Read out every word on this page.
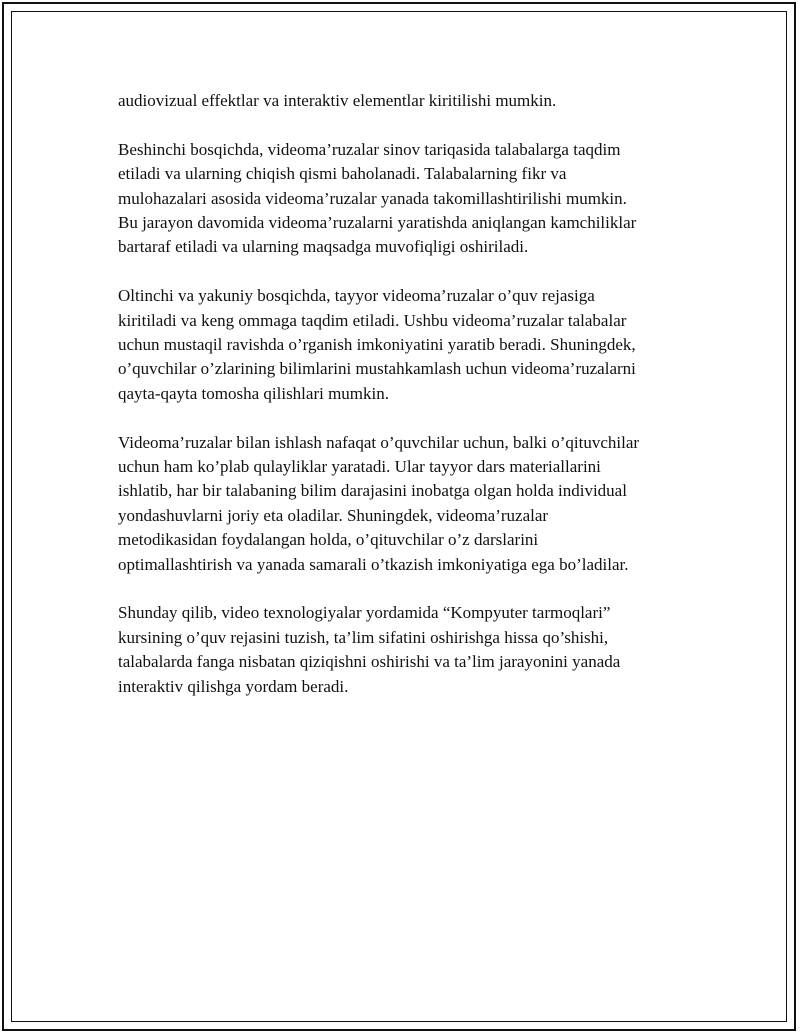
audiovizual effektlar va interaktiv elementlar kiritilishi mumkin.

Beshinchi bosqichda, videoma’ruzalar sinov tariqasida talabalarga taqdim
etiladi va ularning chiqish qismi baholanadi. Talabalarning fikr va
mulohazalari asosida videoma’ruzalar yanada takomillashtirilishi mumkin.
Bu jarayon davomida videoma’ruzalarni yaratishda aniqlangan kamchiliklar
bartaraf etiladi va ularning maqsadga muvofiqligi oshiriladi.

Oltinchi va yakuniy bosqichda, tayyor videoma’ruzalar o’quv rejasiga
kiritiladi va keng ommaga taqdim etiladi. Ushbu videoma’ruzalar talabalar
uchun mustaqil ravishda o’rganish imkoniyatini yaratib beradi. Shuningdek,
o’quvchilar o’zlarining bilimlarini mustahkamlash uchun videoma’ruzalarni
qayta-qayta tomosha qilishlari mumkin.

Videoma’ruzalar bilan ishlash nafaqat o’quvchilar uchun, balki o’qituvchilar
uchun ham ko’plab qulayliklar yaratadi. Ular tayyor dars materiallarini
ishlatib, har bir talabaning bilim darajasini inobatga olgan holda individual
yondashuvlarni joriy eta oladilar. Shuningdek, videoma’ruzalar
metodikasidan foydalangan holda, o’qituvchilar o’z darslarini
optimallashtirish va yanada samarali o’tkazish imkoniyatiga ega bo’ladilar.

Shunday qilib, video texnologiyalar yordamida “Kompyuter tarmoqlari”
kursining o’quv rejasini tuzish, ta’lim sifatini oshirishga hissa qo’shishi,
talabalarda fanga nisbatan qiziqishni oshirishi va ta’lim jarayonini yanada
interaktiv qilishga yordam beradi.
